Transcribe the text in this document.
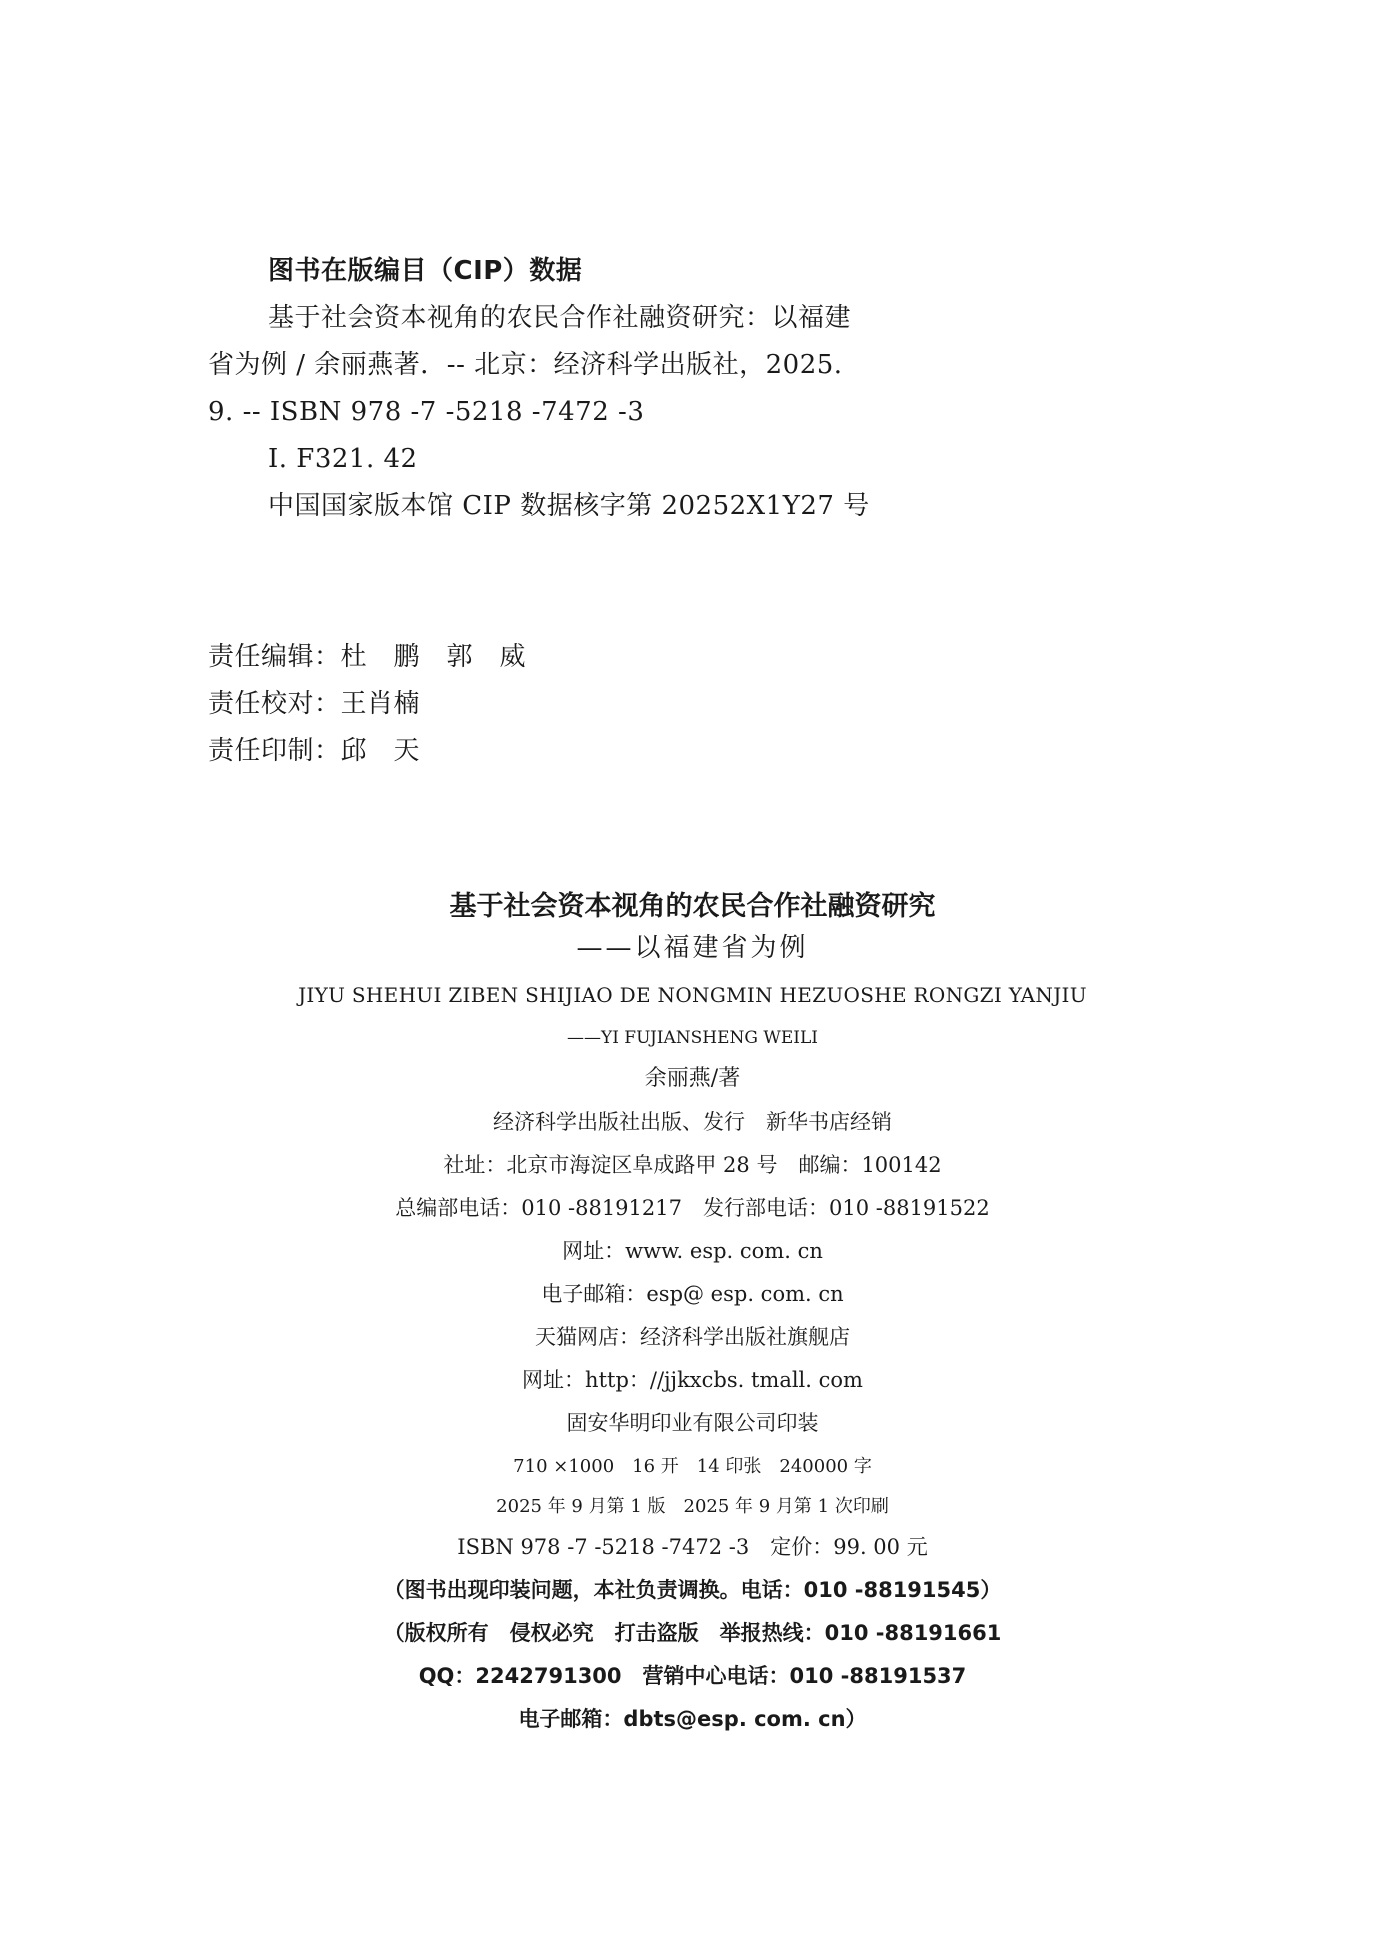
图书在版编目（CIP）数据
基于社会资本视角的农民合作社融资研究：以福建
省为例 / 余丽燕著．-- 北京：经济科学出版社，2025.
9. -- ISBN 978 -7 -5218 -7472 -3
Ⅰ. F321. 42
中国国家版本馆 CIP 数据核字第 20252X1Y27 号
责任编辑：杜　鹏　郭　威
责任校对：王肖楠
责任印制：邱　天
基于社会资本视角的农民合作社融资研究
——以福建省为例
JIYU SHEHUI ZIBEN SHIJIAO DE NONGMIN HEZUOSHE RONGZI YANJIU
——YI FUJIANSHENG WEILI
余丽燕/著
经济科学出版社出版、发行　新华书店经销
社址：北京市海淀区阜成路甲 28 号　邮编：100142
总编部电话：010 -88191217　发行部电话：010 -88191522
网址：www. esp. com. cn
电子邮箱：esp@ esp. com. cn
天猫网店：经济科学出版社旗舰店
网址：http：//jjkxcbs. tmall. com
固安华明印业有限公司印装
710 ×1000　16 开　14 印张　240000 字
2025 年 9 月第 1 版　2025 年 9 月第 1 次印刷
ISBN 978 -7 -5218 -7472 -3　定价：99. 00 元
（图书出现印装问题，本社负责调换。电话：010 -88191545）
（版权所有　侵权必究　打击盗版　举报热线：010 -88191661
QQ：2242791300　营销中心电话：010 -88191537
电子邮箱：dbts@esp. com. cn）
